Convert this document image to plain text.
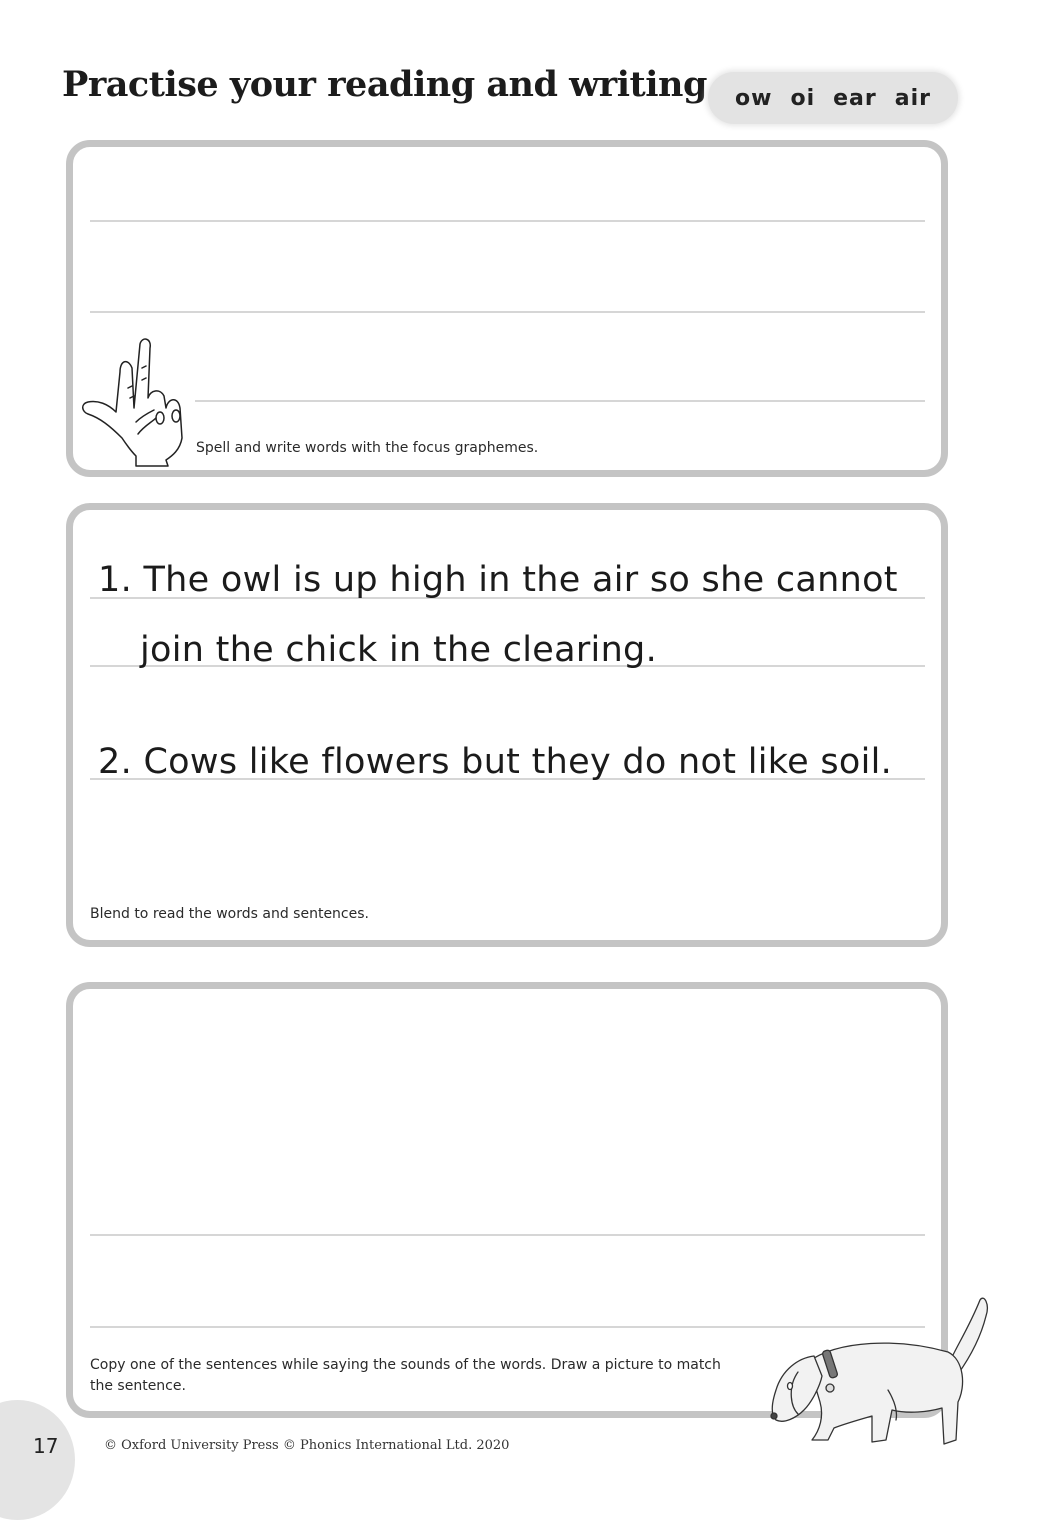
Practise your reading and writing ow oi ear air
Spell and write words with the focus graphemes.
1. The owl is up high in the air so she cannot
join the chick in the clearing.
2. Cows like flowers but they do not like soil.
Blend to read the words and sentences.
Copy one of the sentences while saying the sounds of the words. Draw a picture to match the sentence.
17	© Oxford University Press © Phonics International Ltd. 2020
